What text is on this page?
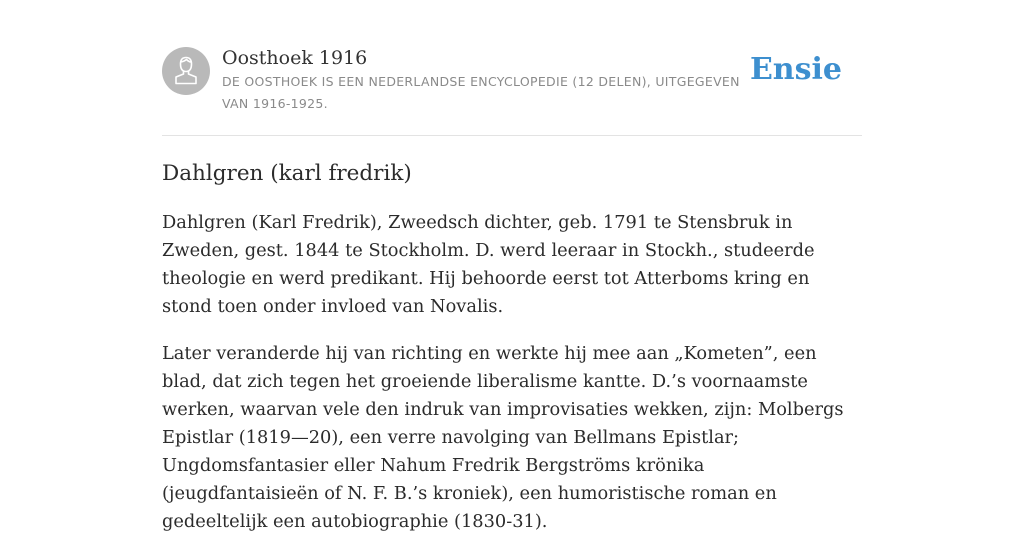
Oosthoek 1916

DE OOSTHOEK IS EEN NEDERLANDSE ENCYCLOPEDIE (12 DELEN), UITGEGEVEN VAN 1916-1925.

Ensie
Dahlgren (karl fredrik)

Dahlgren (Karl Fredrik), Zweedsch dichter, geb. 1791 te Stensbruk in Zweden, gest. 1844 te Stockholm. D. werd leeraar in Stockh., studeerde theologie en werd predikant. Hij behoorde eerst tot Atterboms kring en stond toen onder invloed van Novalis.

Later veranderde hij van richting en werkte hij mee aan „Kometen”, een blad, dat zich tegen het groeiende liberalisme kantte. D.’s voornaamste werken, waarvan vele den indruk van improvisaties wekken, zijn: Molbergs Epistlar (1819—20), een verre navolging van Bellmans Epistlar; Ungdomsfantasier eller Nahum Fredrik Bergströms krönika (jeugdfantaisieën of N. F. B.’s kroniek), een humoristische roman en gedeeltelijk een autobiographie (1830-31).
